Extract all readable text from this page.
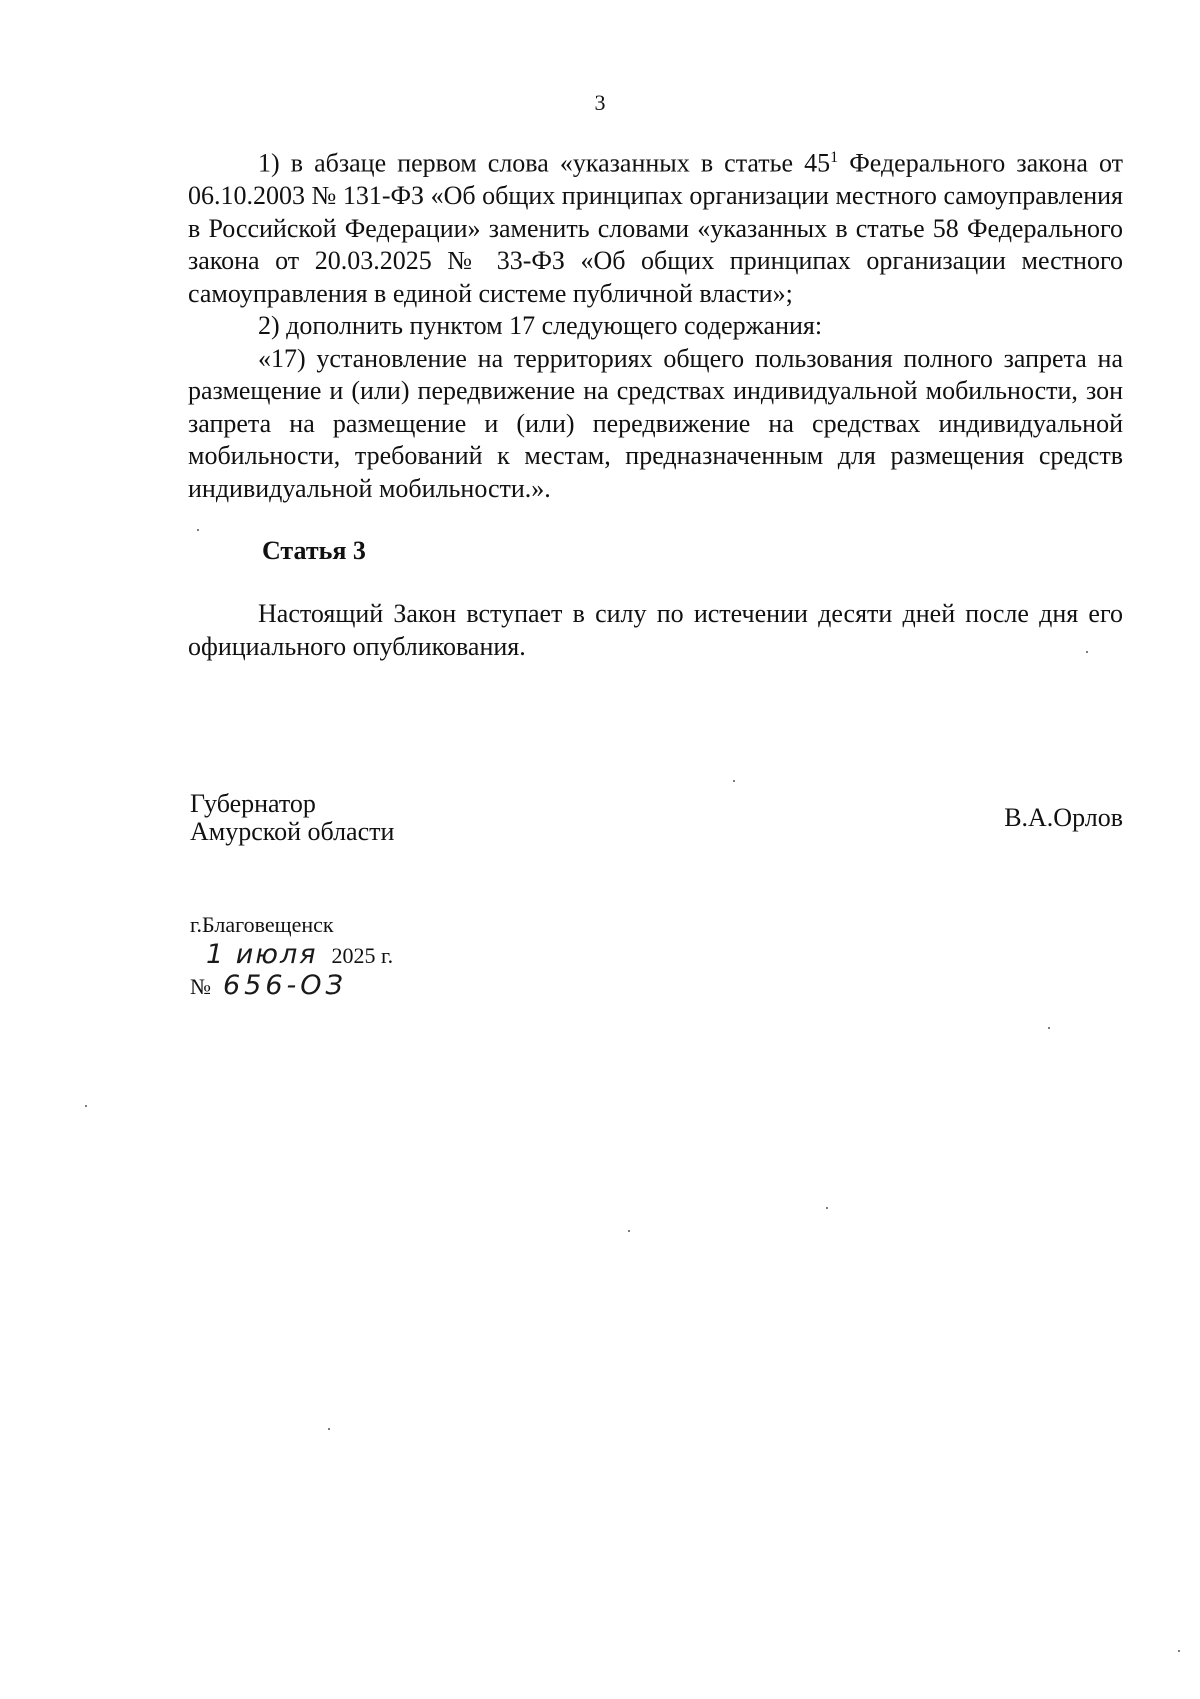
3

1) в абзаце первом слова «указанных в статье $45^1$ Федерального закона от 06.10.2003 № 131-ФЗ «Об общих принципах организации местного самоуправления в Российской Федерации» заменить словами «указанных в статье 58 Федерального закона от 20.03.2025 № 33-ФЗ «Об общих принципах организации местного самоуправления в единой системе публичной власти»;

2) дополнить пунктом 17 следующего содержания:

«17) установление на территориях общего пользования полного запрета на размещение и (или) передвижение на средствах индивидуальной мобильности, зон запрета на размещение и (или) передвижение на средствах индивидуальной мобильности, требований к местам, предназначенным для размещения средств индивидуальной мобильности.».

Статья 3

Настоящий Закон вступает в силу по истечении десяти дней после дня его официального опубликования.

Губернатор
Амурской области	В.А.Орлов
г.Благовещенск
1 июля 2025 г.
№ 656-ОЗ
